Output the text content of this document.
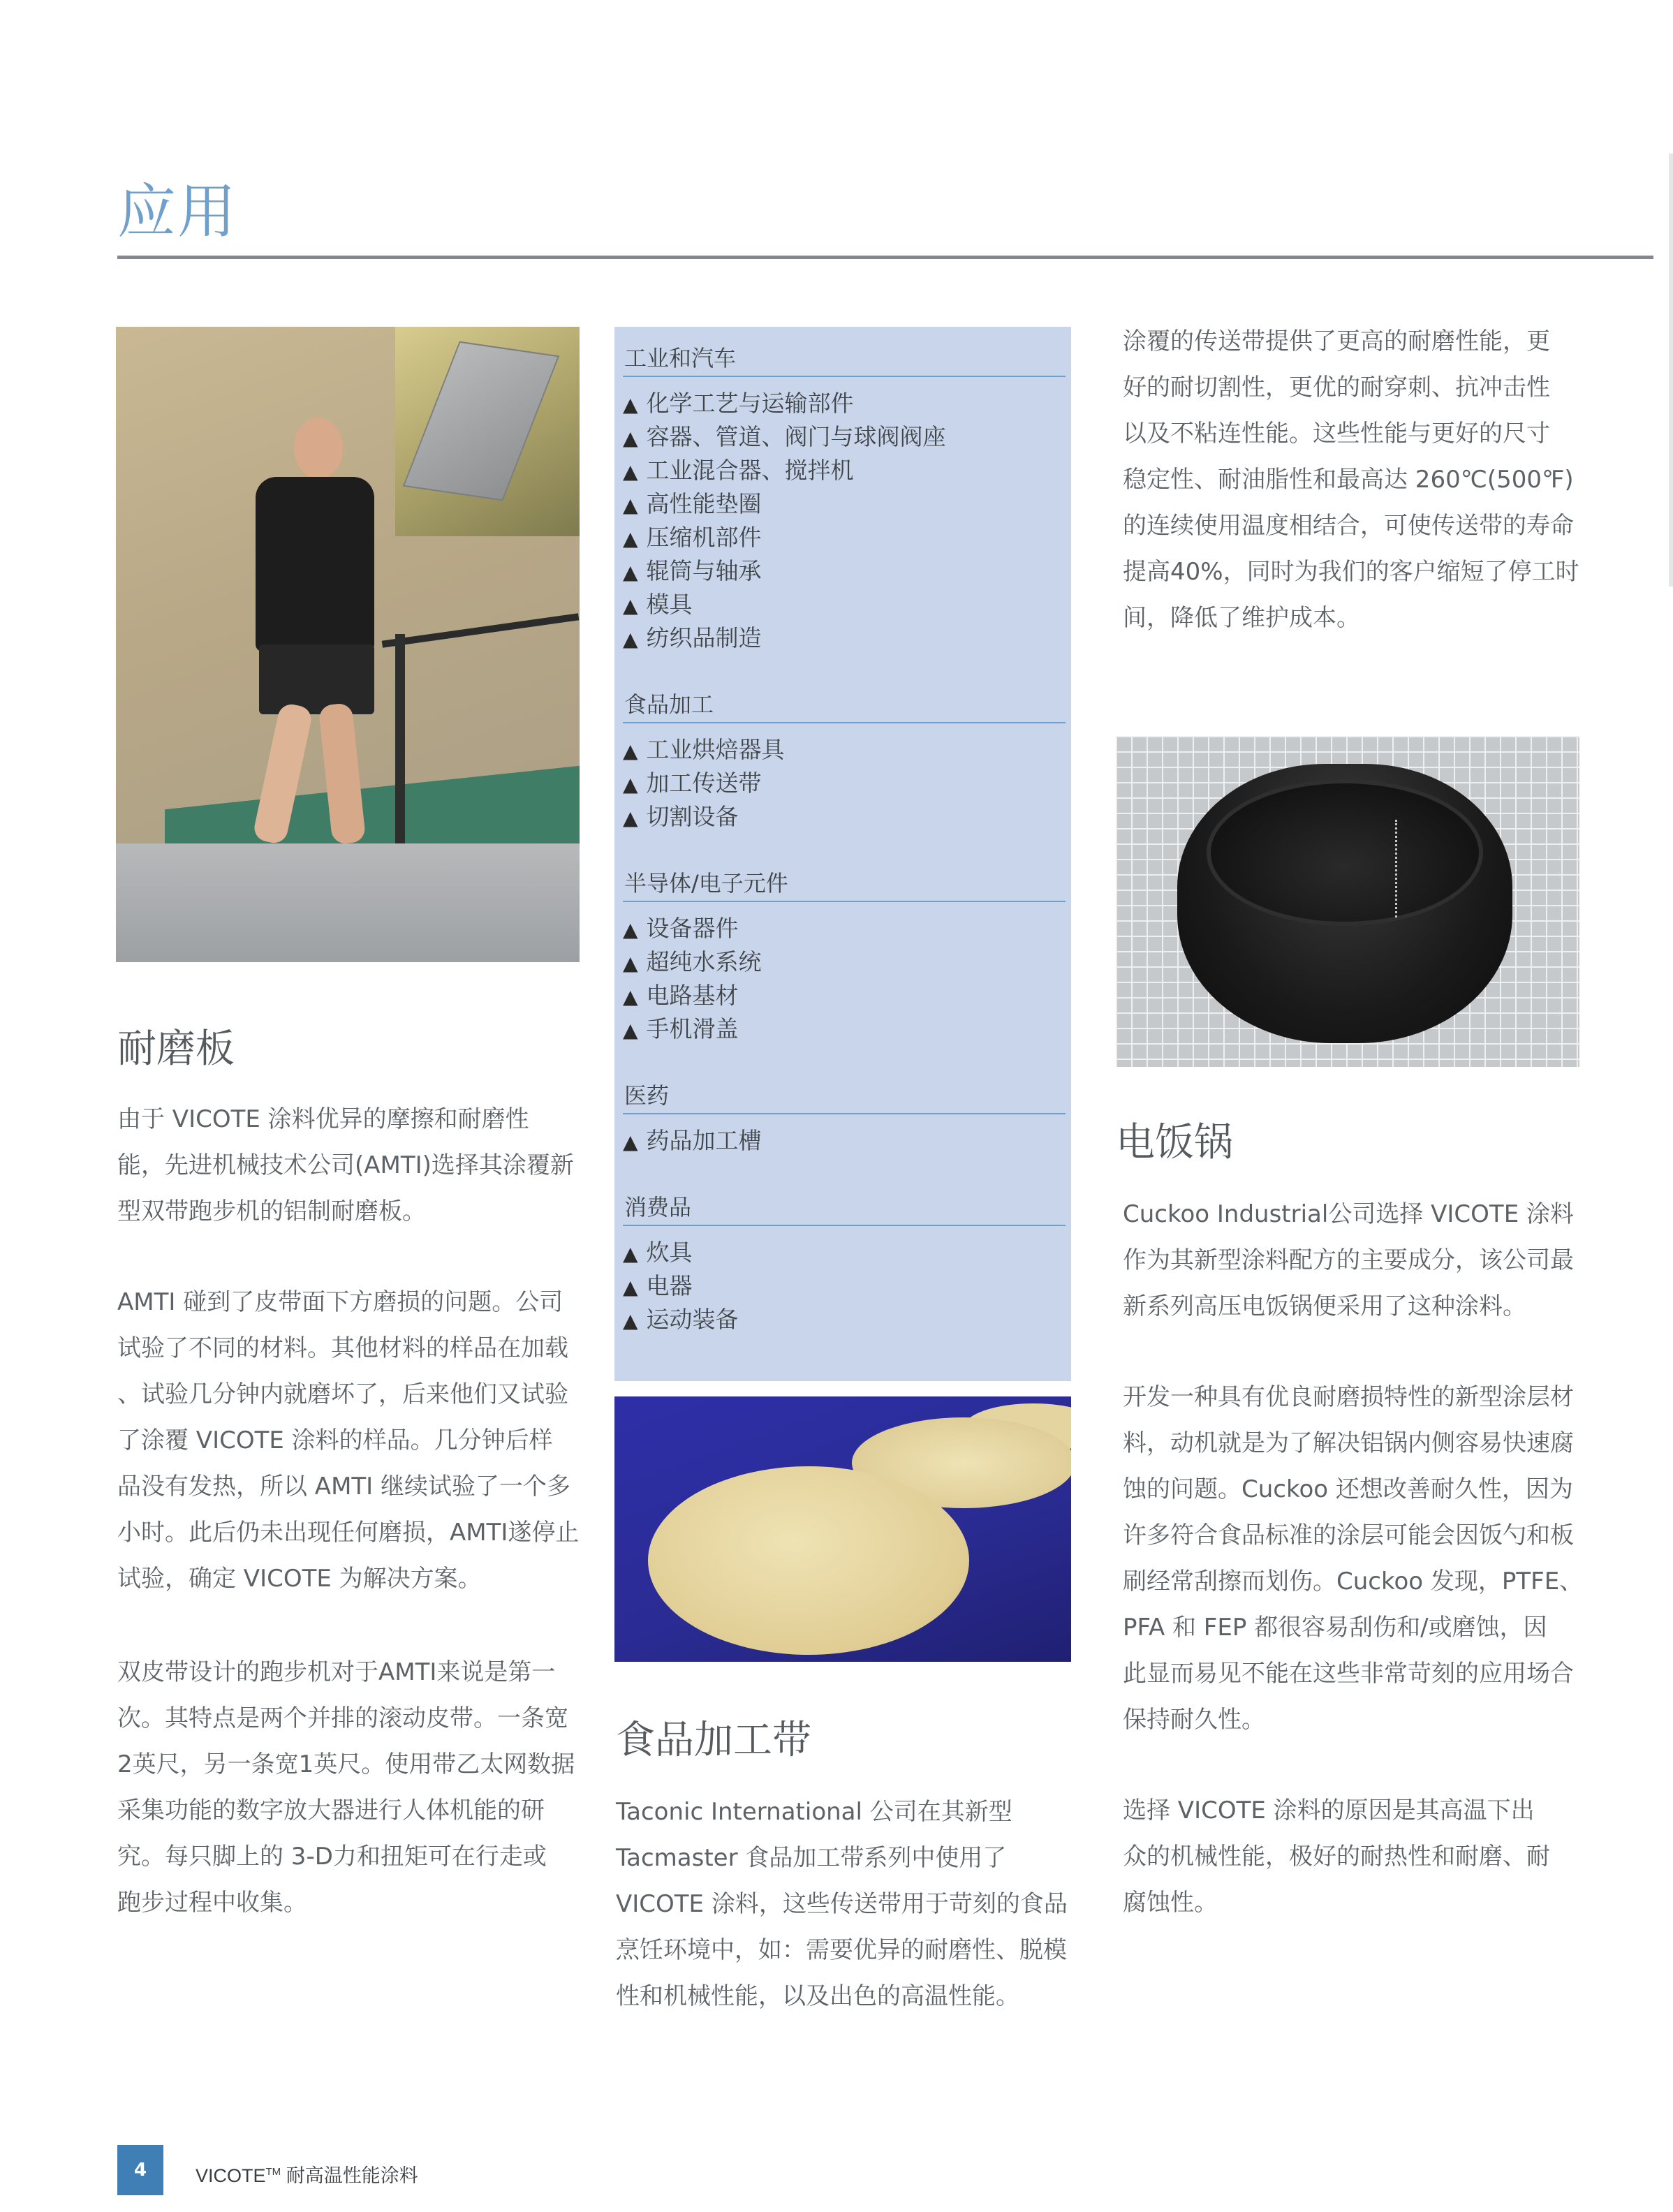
应用
工业和汽车
▲ 化学工艺与运输部件
▲ 容器、管道、阀门与球阀阀座
▲ 工业混合器、搅拌机
▲ 高性能垫圈
▲ 压缩机部件
▲ 辊筒与轴承
▲ 模具
▲ 纺织品制造
食品加工
▲ 工业烘焙器具
▲ 加工传送带
▲ 切割设备
半导体/电子元件
▲ 设备器件
▲ 超纯水系统
▲ 电路基材
▲ 手机滑盖
医药
▲ 药品加工槽
消费品
▲ 炊具
▲ 电器
▲ 运动装备
耐磨板
食品加工带
电饭锅
由于 VICOTE 涂料优异的摩擦和耐磨性
能，先进机械技术公司(AMTI)选择其涂覆新
型双带跑步机的铝制耐磨板。
AMTI 碰到了皮带面下方磨损的问题。公司
试验了不同的材料。其他材料的样品在加载
、试验几分钟内就磨坏了，后来他们又试验
了涂覆 VICOTE 涂料的样品。几分钟后样
品没有发热，所以 AMTI 继续试验了一个多
小时。此后仍未出现任何磨损，AMTI遂停止
试验，确定 VICOTE 为解决方案。
双皮带设计的跑步机对于AMTI来说是第一
次。其特点是两个并排的滚动皮带。一条宽
2英尺，另一条宽1英尺。使用带乙太网数据
采集功能的数字放大器进行人体机能的研
究。每只脚上的 3-D力和扭矩可在行走或
跑步过程中收集。
Taconic International 公司在其新型
Tacmaster 食品加工带系列中使用了
VICOTE 涂料，这些传送带用于苛刻的食品
烹饪环境中，如：需要优异的耐磨性、脱模
性和机械性能，以及出色的高温性能。
涂覆的传送带提供了更高的耐磨性能，更
好的耐切割性，更优的耐穿刺、抗冲击性
以及不粘连性能。这些性能与更好的尺寸
稳定性、耐油脂性和最高达 260℃(500℉)
的连续使用温度相结合，可使传送带的寿命
提高40%，同时为我们的客户缩短了停工时
间，降低了维护成本。
Cuckoo Industrial公司选择 VICOTE 涂料
作为其新型涂料配方的主要成分，该公司最
新系列高压电饭锅便采用了这种涂料。
开发一种具有优良耐磨损特性的新型涂层材
料，动机就是为了解决铝锅内侧容易快速腐
蚀的问题。Cuckoo 还想改善耐久性，因为
许多符合食品标准的涂层可能会因饭勺和板
刷经常刮擦而划伤。Cuckoo 发现，PTFE、
PFA 和 FEP 都很容易刮伤和/或磨蚀，因
此显而易见不能在这些非常苛刻的应用场合
保持耐久性。
选择 VICOTE 涂料的原因是其高温下出
众的机械性能，极好的耐热性和耐磨、耐
腐蚀性。
4	VICOTE™ 耐高温性能涂料
